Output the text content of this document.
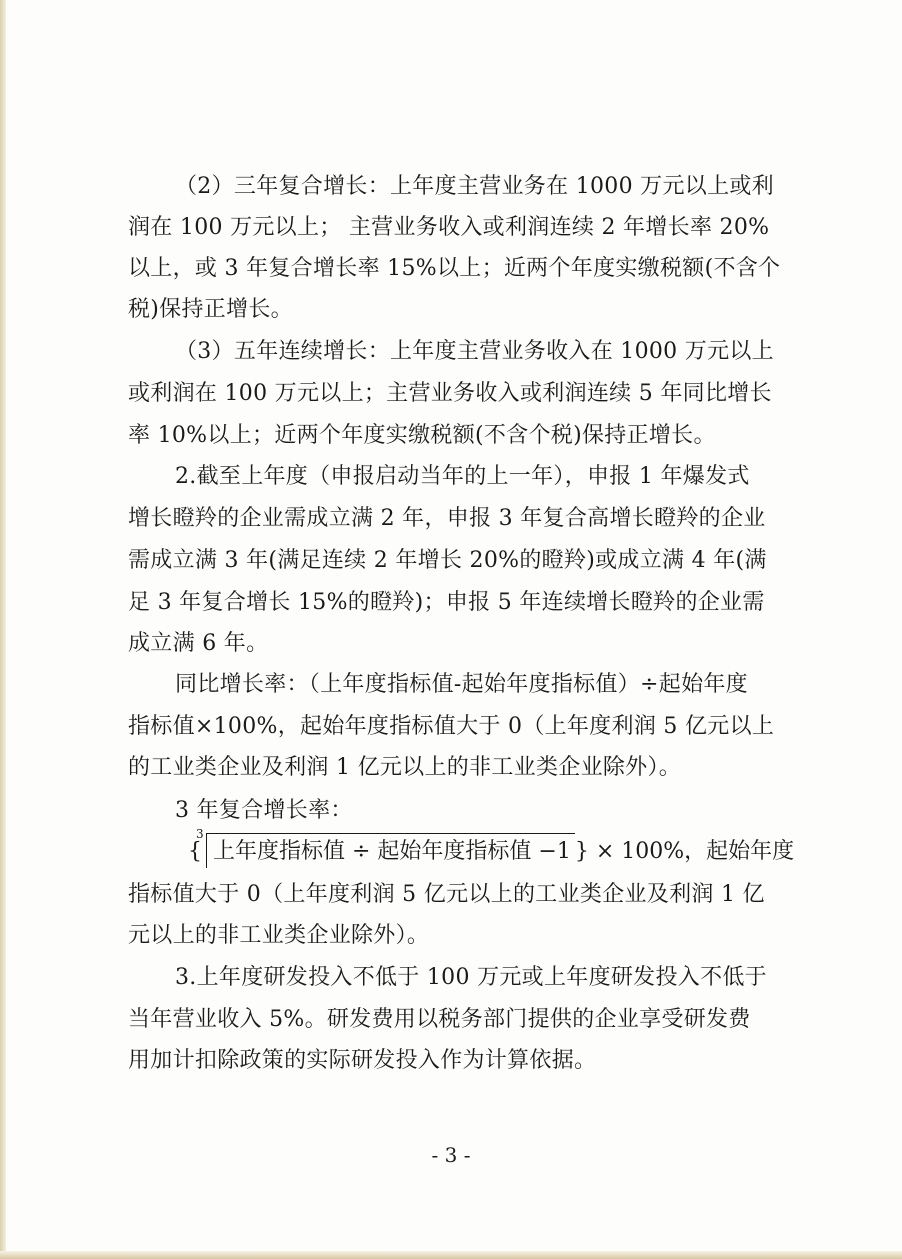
（2）三年复合增长：上年度主营业务在 1000 万元以上或利
润在 100 万元以上； 主营业务收入或利润连续 2 年增长率 20%
以上，或 3 年复合增长率 15%以上；近两个年度实缴税额(不含个
税)保持正增长。
（3）五年连续增长：上年度主营业务收入在 1000 万元以上
或利润在 100 万元以上；主营业务收入或利润连续 5 年同比增长
率 10%以上；近两个年度实缴税额(不含个税)保持正增长。
2.截至上年度（申报启动当年的上一年），申报 1 年爆发式
增长瞪羚的企业需成立满 2 年，申报 3 年复合高增长瞪羚的企业
需成立满 3 年(满足连续 2 年增长 20%的瞪羚)或成立满 4 年(满
足 3 年复合增长 15%的瞪羚)；申报 5 年连续增长瞪羚的企业需
成立满 6 年。
同比增长率：（上年度指标值-起始年度指标值）÷起始年度
指标值×100%，起始年度指标值大于 0（上年度利润 5 亿元以上
的工业类企业及利润 1 亿元以上的非工业类企业除外）。
3 年复合增长率：
{
3
上年度指标值 ÷ 起始年度指标值 −1 } × 100%，起始年度
指标值大于 0（上年度利润 5 亿元以上的工业类企业及利润 1 亿
元以上的非工业类企业除外）。
3.上年度研发投入不低于 100 万元或上年度研发投入不低于
当年营业收入 5%。研发费用以税务部门提供的企业享受研发费
用加计扣除政策的实际研发投入作为计算依据。
- 3 -
